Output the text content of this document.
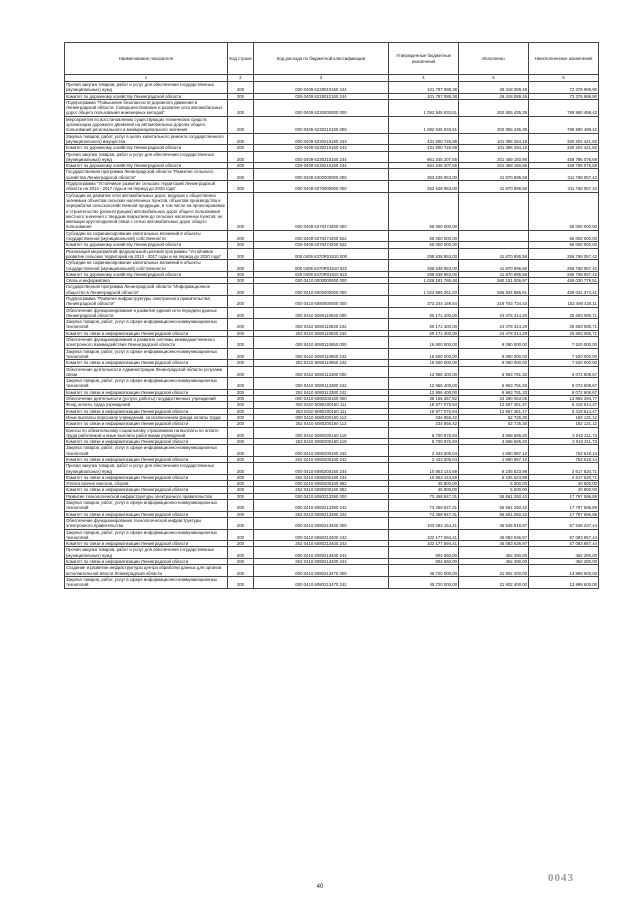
Наименование показателя	Код строки	Код расхода по бюджетной классификации	Утвержденные бюджетные назначения	Исполнено	Неисполненные назначения
1	2	3	4	5	6
Прочая закупка товаров, работ и услуг для обеспечения государственных (муниципальных) нужд	200	000 0409 6228010160 244	101 797 088,38	29 418 088,48	72 378 999,90
Комитет по дорожному хозяйству Ленинградской области	200	029 0409 6228010160 244	101 797 088,38	29 418 088,48	72 378 999,90
Подпрограмма "Повышение безопасности дорожного движения в Ленинградской области. Совершенствование и развитие сети автомобильных дорог общего пользования инженерных методов"	200	000 0409 6230000000 000	1 092 845 933,61	302 855 435,39	789 990 498,42
Мероприятия по восстановлению существующих технических средств организации дорожного движения на автомобильных дорогах общего пользования регионального и межмуниципального значения	200	000 0409 6230210150 000	1 092 845 933,61	302 855 435,39	789 990 498,42
Закупка товаров, работ, услуг в целях капитального ремонта государственного (муниципального) имущества	200	000 0409 6230210150 243	431 600 726,98	101 396 284,18	330 204 421,82
Комитет по дорожному хозяйству Ленинградской области	200	029 0409 6230210150 243	431 600 726,98	101 396 284,18	330 204 421,82
Прочая закупка товаров, работ и услуг для обеспечения государственных (муниципальных) нужд	200	000 0409 6230210150 244	661 245 207,65	201 459 150,96	459 786 076,69
Комитет по дорожному хозяйству Ленинградской области	200	029 0409 6230210150 244	661 245 207,65	201 459 150,96	459 786 076,69
Государственная программа Ленинградской области "Развитие сельского хозяйства Ленинградской области"	200	000 0409 6300000000 000	353 638 953,00	41 870 895,58	311 768 057,42
Подпрограмма "Устойчивое развитие сельских территорий Ленинградской области на 2014 - 2017 годы и на период до 2020 года"	200	000 0409 6370000000 000	353 638 953,00	41 870 895,58	311 768 057,42
Субсидии на развитие сети автомобильных дорог, ведущих к общественно значимым объектам сельских населенных пунктов, объектам производства и переработки сельскохозяйственной продукции, в том числе на проектирование и строительство (реконструкцию) автомобильных дорог общего пользования местного значения с твердым покрытием до сельских населенных пунктов, не имеющих круглогодичной связи с сетью автомобильных дорог общего пользования	200	000 0409 6370474200 000	55 000 000,00		55 000 000,00
Субсидии на софинансирование капитальных вложений в объекты государственной (муниципальной) собственности	200	000 0409 6370474200 522	55 000 000,00		55 000 000,00
Комитет по дорожному хозяйству Ленинградской области	200	029 0409 6370474200 522	55 000 000,00		55 000 000,00
Реализация мероприятий федеральной целевой программы "Устойчивое развитие сельских территорий на 2014 - 2017 годы и на период до 2020 года"	200	000 0409 6370R01810 000	298 638 953,00	41 870 895,58	256 768 057,42
Субсидии на софинансирование капитальных вложений в объекты государственной (муниципальной) собственности	200	000 0409 6370R01810 522	298 638 953,00	41 870 895,58	256 768 057,42
Комитет по дорожному хозяйству Ленинградской области	200	029 0409 6370R01810 522	298 638 953,00	41 870 895,58	256 768 057,42
Связь и информатика	200	000 0410 0000000000 000	1 029 181 786,48	560 151 006,97	469 030 779,51
Государственная программа Ленинградской области "Информационное общество в Ленинградской области"	200	000 0410 6000000000 000	1 024 866 261,03	565 834 886,61	459 031 374,41
Подпрограмма "Развитие инфраструктуры электронного правительства Ленинградской области"	200	000 0410 6080000000 000	373 244 159,54	219 753 734,43	153 490 425,11
Обеспечение функционирования и развития единой сети передачи данных Ленинградской области	200	000 0410 6080110840 000	50 171 400,00	24 478 314,29	25 693 085,71
Закупка товаров, работ, услуг в сфере информационно-коммуникационных технологий	200	000 0410 6080110840 242	50 171 400,00	24 478 314,29	25 693 085,71
Комитет по связи и информатизации Ленинградской области	200	252 0410 6080110840 242	50 171 400,00	24 478 314,29	25 693 085,71
Обеспечение функционирования и развития системы межведомственного электронного взаимодействия Ленинградской области	200	000 0410 6080110850 000	16 600 000,00	9 080 000,00	7 520 000,00
Закупка товаров, работ, услуг в сфере информационно-коммуникационных технологий	200	000 0410 6080110850 242	16 600 000,00	9 080 000,00	7 520 000,00
Комитет по связи и информатизации Ленинградской области	200	252 0410 6080110850 242	16 600 000,00	9 080 000,00	7 520 000,00
Обеспечение деятельности Администрации Ленинградской области услугами связи	200	000 0410 6080113380 000	12 956 400,00	6 963 791,33	6 072 608,67
Закупка товаров, работ, услуг в сфере информационно-коммуникационных технологий	200	000 0410 6080113380 242	12 956 400,00	6 963 791,33	6 072 608,67
Комитет по связи и информатизации Ленинградской области	200	252 0410 6080113380 242	12 956 400,00	6 963 791,33	6 072 608,67
Обеспечение деятельности (услуги, работы) государственных учреждений	200	000 0410 6080200160 000	38 155 357,82	24 290 063,05	13 865 294,77
Фонд оплаты труда учреждений	200	000 0410 6080200160 111	18 977 075,94	12 657 461,47	6 319 614,47
Комитет по связи и информатизации Ленинградской области	200	252 0410 6080200160 111	18 977 075,94	12 657 461,47	6 319 614,47
Иные выплаты персоналу учреждений, за исключением фонда оплаты труда	200	000 0410 6080200160 112	234 856,42	52 725,30	182 131,12
Комитет по связи и информатизации Ленинградской области	200	252 0410 6080200160 112	234 856,42	52 725,30	182 131,12
Взносы по обязательному социальному страхованию на выплаты по оплате труда работников и иные выплаты работникам учреждений	200	000 0410 6080200160 119	5 700 876,93	3 658 665,20	2 042 211,73
Комитет по связи и информатизации Ленинградской области	200	252 0410 6080200160 119	5 700 876,93	3 658 665,20	2 042 211,73
Закупка товаров, работ, услуг в сфере информационно-коммуникационных технологий	200	000 0410 6080200160 242	2 443 605,04	1 690 987,10	752 618,14
Комитет по связи и информатизации Ленинградской области	200	252 0410 6080200160 242	2 443 605,04	1 690 987,10	752 618,14
Прочая закупка товаров, работ и услуг для обеспечения государственных (муниципальных) нужд	200	000 0410 6080200160 244	10 853 144,69	6 235 523,98	2 617 620,71
Комитет по связи и информатизации Ленинградской области	200	252 0410 6080200160 244	10 853 144,69	6 235 523,98	2 617 620,71
Уплата прочих налогов, сборов	200	000 0410 6080200160 852	45 800,00	5 000,00	40 800,00
Комитет по связи и информатизации Ленинградской области	200	252 0410 6080200160 852	45 800,00	5 000,00	40 800,00
Развитие технологической инфраструктуры электронного правительства	200	000 0410 6080213390 000	73 458 847,31	55 661 250,42	17 797 596,89
Закупка товаров, работ, услуг в сфере информационно-коммуникационных технологий	200	000 0410 6080213390 242	73 458 847,31	55 661 250,42	17 797 596,89
Комитет по связи и информатизации Ленинградской области	200	252 0410 6080213390 242	73 458 847,31	55 661 250,42	17 797 596,89
Обеспечение функционирования технологической инфраструктуры электронного правительства	200	000 0410 6080213400 000	103 082 154,41	45 545 916,97	57 536 237,44
Закупка товаров, работ, услуг в сфере информационно-коммуникационных технологий	200	000 0410 6080213400 242	102 177 594,41	45 083 636,97	57 083 957,44
Комитет по связи и информатизации Ленинградской области	200	252 0410 6080213400 242	102 177 594,41	45 083 636,97	57 083 957,44
Прочая закупка товаров, работ и услуг для обеспечения государственных (муниципальных) нужд	200	000 0410 6080213400 244	904 560,00	452 280,00	452 280,00
Комитет по связи и информатизации Ленинградской области	200	252 0410 6080213400 244	904 560,00	452 280,00	452 280,00
Создание и развитие инфраструктуры центра обработки данных для органов исполнительной власти Ленинградской области	200	000 0410 6080213470 000	45 720 000,00	31 902 400,00	13 899 600,00
Закупка товаров, работ, услуг в сфере информационно-коммуникационных технологий	200	000 0410 6080213470 242	45 720 000,00	31 902 400,00	13 899 600,00
40
0043
